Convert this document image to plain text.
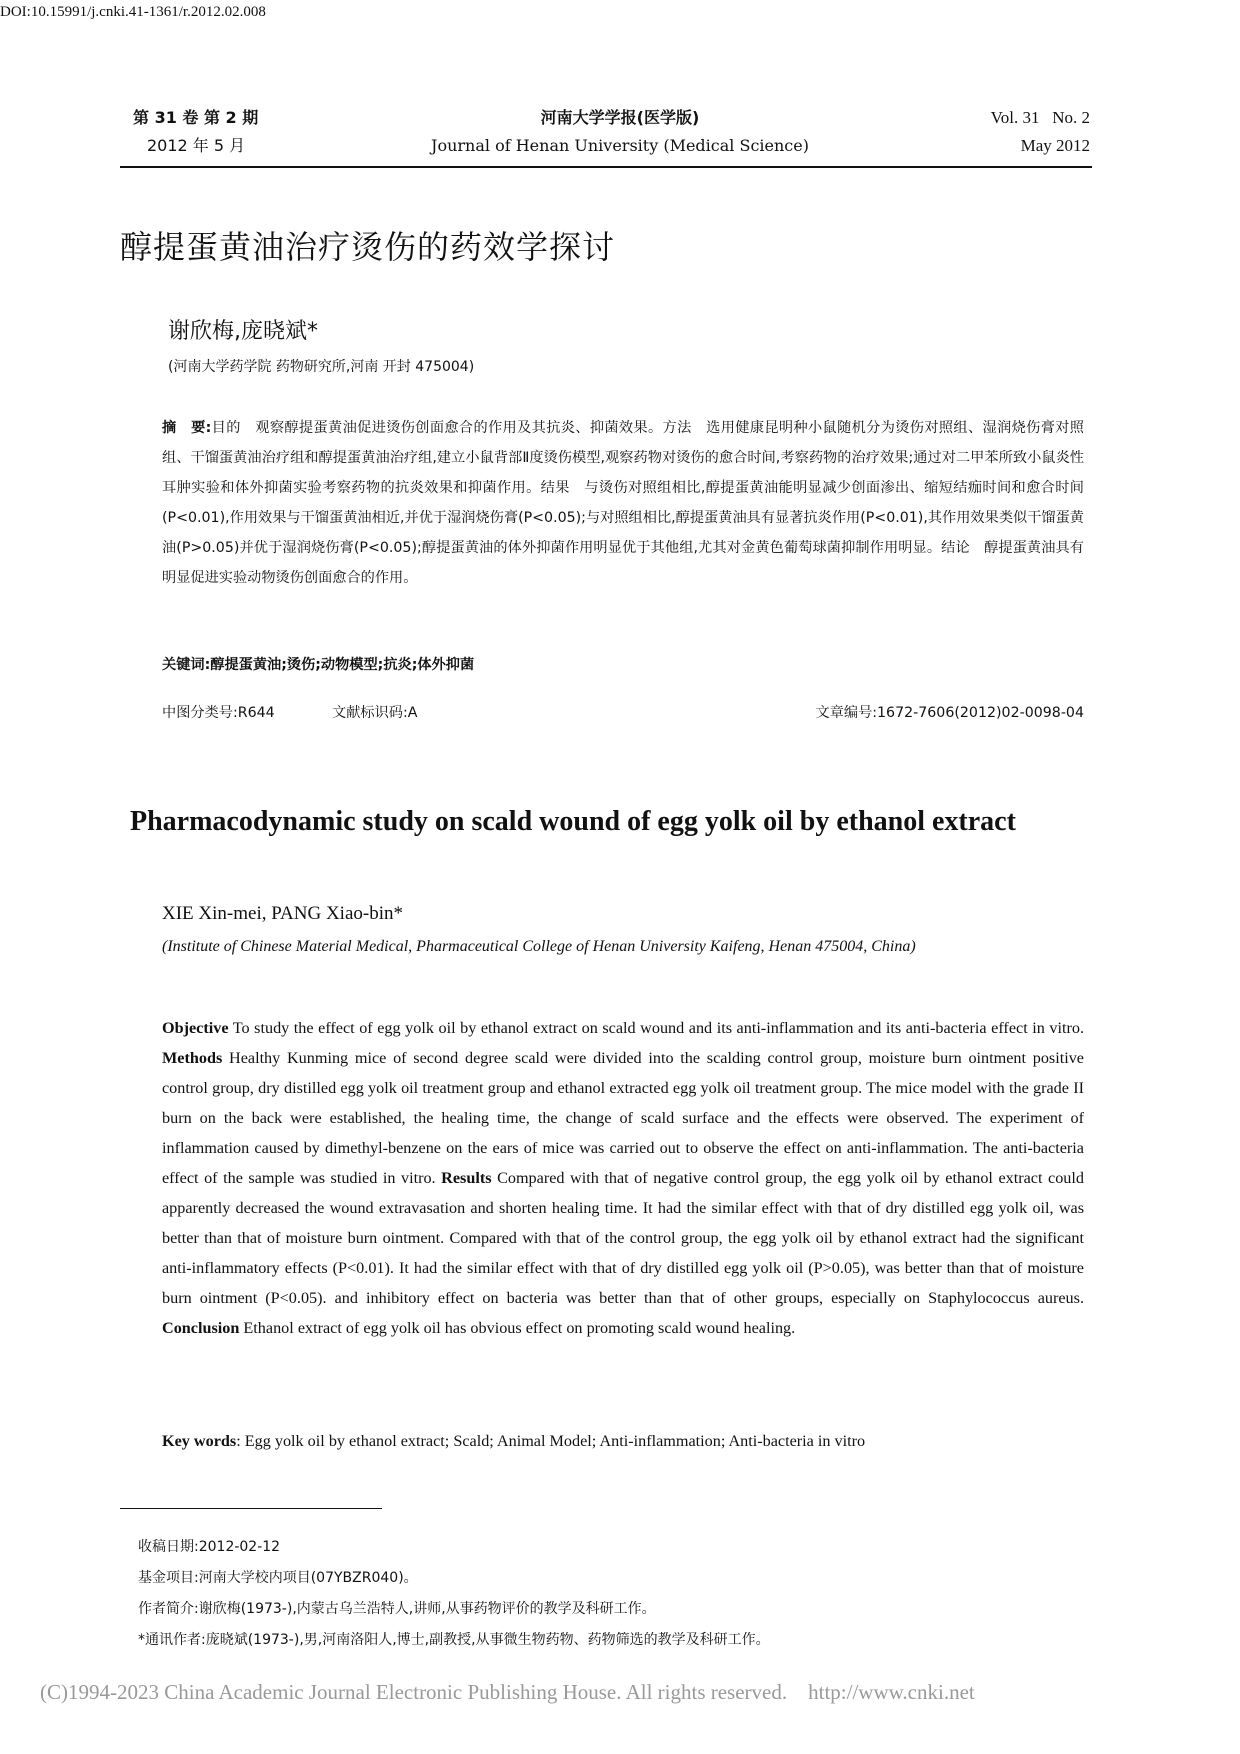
DOI:10.15991/j.cnki.41-1361/r.2012.02.008
第 31 卷 第 2 期
2012 年 5 月
河南大学学报(医学版)
Journal of Henan University (Medical Science)
Vol. 31   No. 2
May 2012
醇提蛋黄油治疗烫伤的药效学探讨
谢欣梅,庞晓斌*
(河南大学药学院 药物研究所,河南 开封 475004)
摘　要:目的　观察醇提蛋黄油促进烫伤创面愈合的作用及其抗炎、抑菌效果。方法　选用健康昆明种小鼠随机分为烫伤对照组、湿润烧伤膏对照组、干馏蛋黄油治疗组和醇提蛋黄油治疗组,建立小鼠背部Ⅱ度烫伤模型,观察药物对烫伤的愈合时间,考察药物的治疗效果;通过对二甲苯所致小鼠炎性耳肿实验和体外抑菌实验考察药物的抗炎效果和抑菌作用。结果　与烫伤对照组相比,醇提蛋黄油能明显减少创面渗出、缩短结痂时间和愈合时间(P<0.01),作用效果与干馏蛋黄油相近,并优于湿润烧伤膏(P<0.05);与对照组相比,醇提蛋黄油具有显著抗炎作用(P<0.01),其作用效果类似干馏蛋黄油(P>0.05)并优于湿润烧伤膏(P<0.05);醇提蛋黄油的体外抑菌作用明显优于其他组,尤其对金黄色葡萄球菌抑制作用明显。结论　醇提蛋黄油具有明显促进实验动物烫伤创面愈合的作用。
关键词:醇提蛋黄油;烫伤;动物模型;抗炎;体外抑菌
中图分类号:R644	文献标识码:A	文章编号:1672-7606(2012)02-0098-04
Pharmacodynamic study on scald wound of egg yolk oil by ethanol extract
XIE Xin-mei, PANG Xiao-bin*
(Institute of Chinese Material Medical, Pharmaceutical College of Henan University Kaifeng, Henan 475004, China)
Objective To study the effect of egg yolk oil by ethanol extract on scald wound and its anti-inflammation and its anti-bacteria effect in vitro. Methods Healthy Kunming mice of second degree scald were divided into the scalding control group, moisture burn ointment positive control group, dry distilled egg yolk oil treatment group and ethanol extracted egg yolk oil treatment group. The mice model with the grade II burn on the back were established, the healing time, the change of scald surface and the effects were observed. The experiment of inflammation caused by dimethyl-benzene on the ears of mice was carried out to observe the effect on anti-inflammation. The anti-bacteria effect of the sample was studied in vitro. Results Compared with that of negative control group, the egg yolk oil by ethanol extract could apparently decreased the wound extravasation and shorten healing time. It had the similar effect with that of dry distilled egg yolk oil, was better than that of moisture burn ointment. Compared with that of the control group, the egg yolk oil by ethanol extract had the significant anti-inflammatory effects (P<0.01). It had the similar effect with that of dry distilled egg yolk oil (P>0.05), was better than that of moisture burn ointment (P<0.05). and inhibitory effect on bacteria was better than that of other groups, especially on Staphylococcus aureus. Conclusion Ethanol extract of egg yolk oil has obvious effect on promoting scald wound healing.
Key words: Egg yolk oil by ethanol extract; Scald; Animal Model; Anti-inflammation; Anti-bacteria in vitro
收稿日期:2012-02-12
基金项目:河南大学校内项目(07YBZR040)。
作者简介:谢欣梅(1973-),内蒙古乌兰浩特人,讲师,从事药物评价的教学及科研工作。
*通讯作者:庞晓斌(1973-),男,河南洛阳人,博士,副教授,从事微生物药物、药物筛选的教学及科研工作。
(C)1994-2023 China Academic Journal Electronic Publishing House. All rights reserved.    http://www.cnki.net
